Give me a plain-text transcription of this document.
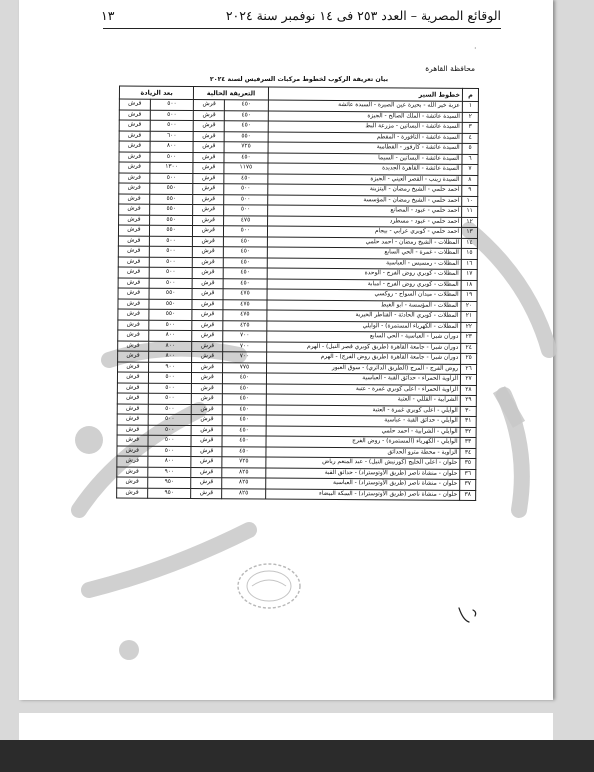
الوقائع المصرية – العدد ٢٥٣ فى ١٤ نوفمبر سنة ٢٠٢٤
١٣
·
محافظة القاهرة
بيان تعريفة الركوب لخطوط مركبات السرفيس لسنة ٢٠٢٤
م	خطوط السير	التعريفة الحالية		بعد الزيادة	
١	عزبة خير الله - بحيرة عين الصيرة - السيدة عائشة	٤٥٠	قرش	٥٠٠	قرش
٢	السيدة عائشة - الملك الصالح - الجيزة	٤٥٠	قرش	٥٠٠	قرش
٣	السيدة عائشة - البساتين - مزرعة البط	٤٥٠	قرش	٥٠٠	قرش
٤	السيدة عائشة - التافورة - المقطم	٥٥٠	قرش	٦٠٠	قرش
٥	السيدة عائشة - كارفور - القطامية	٧٢٥	قرش	٨٠٠	قرش
٦	السيدة عائشة - البساتين - السيما	٤٥٠	قرش	٥٠٠	قرش
٧	السيدة عائشة - القاهرة الجديدة	١١٧٥	قرش	١٣٠٠	قرش
٨	السيدة زينب - القصر العيني - الجيزة	٤٥٠	قرش	٥٠٠	قرش
٩	احمد حلمي - الشيخ رمضان - البتزينة	٥٠٠	قرش	٥٥٠	قرش
١٠	احمد حلمي - الشيخ رمضان - المؤسسة	٥٠٠	قرش	٥٥٠	قرش
١١	احمد حلمي - عبود - المصانع	٥٠٠	قرش	٥٥٠	قرش
١٢	احمد حلمي - عبود - مسطرد	٤٧٥	قرش	٥٥٠	قرش
١٣	احمد حلمي - كوبري عرابي - بيجام	٥٠٠	قرش	٥٥٠	قرش
١٤	المظلات - الشيخ رمضان - احمد حلمي	٤٥٠	قرش	٥٠٠	قرش
١٥	المظلات - غمرة - الحي السابع	٤٥٠	قرش	٥٠٠	قرش
١٦	المظلات - رمسيس - العباسية	٤٥٠	قرش	٥٠٠	قرش
١٧	المظلات - كوبري روض الفرج - الوحدة	٤٥٠	قرش	٥٠٠	قرش
١٨	المظلات - كوبري روض الفرج - امبابة	٤٥٠	قرش	٥٠٠	قرش
١٩	المظلات - ميدان السواح - روكسي	٤٧٥	قرش	٥٥٠	قرش
٢٠	المظلات - المؤسسة - ابو الغيط	٤٧٥	قرش	٥٥٠	قرش
٢١	المظلات - كوبري الحادثة - القناطر الخيرية	٤٧٥	قرش	٥٥٠	قرش
٢٢	المظلات - الكهرباء المستمرة) - الوايلي	٤٢٥	قرش	٥٠٠	قرش
٢٣	دوران شبرا - العباسية - الحي السابع	٧٠٠	قرش	٨٠٠	قرش
٢٤	دوران شبرا - جامعة القاهرة (طريق كوبري قصر النيل) - الهرم	٧٠٠	قرش	٨٠٠	قرش
٢٥	دوران شبرا - جامعة القاهرة (طريق روض الفرج) - الهرم	٧٠٠	قرش	٨٠٠	قرش
٢٦	روض الفرج - المرج (الطريق الدائري) - سوق العبور	٧٧٥	قرش	٩٠٠	قرش
٢٧	الزاوية الحمراء - حدائق القبة - العباسية	٤٥٠	قرش	٥٠٠	قرش
٢٨	الزاوية الحمراء - اعلى كوبري غمرة - عتبة	٤٥٠	قرش	٥٠٠	قرش
٢٩	الشرابية - القللي - العتبة	٤٥٠	قرش	٥٠٠	قرش
٣٠	الوايلي - اعلى كوبري غمرة - العتبة	٤٥٠	قرش	٥٠٠	قرش
٣١	الوايلي - حدائق القبة - عباسية	٤٥٠	قرش	٥٠٠	قرش
٣٢	الوايلي - الشرابية - احمد حلمي	٤٥٠	قرش	٥٠٠	قرش
٣٣	الوايلي - الكهرباء (المستمرة) - روض الفرج	٤٥٠	قرش	٥٠٠	قرش
٣٤	الزاوية - محطة مترو الحدائق	٤٥٠	قرش	٥٠٠	قرش
٣٥	حلوان - اعلى الخليج (كورنيش النيل) - عبد المنعم رياض	٧٢٥	قرش	٨٠٠	قرش
٣٦	حلوان - منشاة ناصر (طريق الأوتوستراد) - حدائق القبة	٨٢٥	قرش	٩٠٠	قرش
٣٧	حلوان - منشاة ناصر (طريق الأوتوستراد) - العباسية	٨٢٥	قرش	٩٥٠	قرش
٣٨	حلوان - منشاة ناصر (طريق الأوتوستراد) - السكة البيضاء	٨٢٥	قرش	٩٥٠	قرش
